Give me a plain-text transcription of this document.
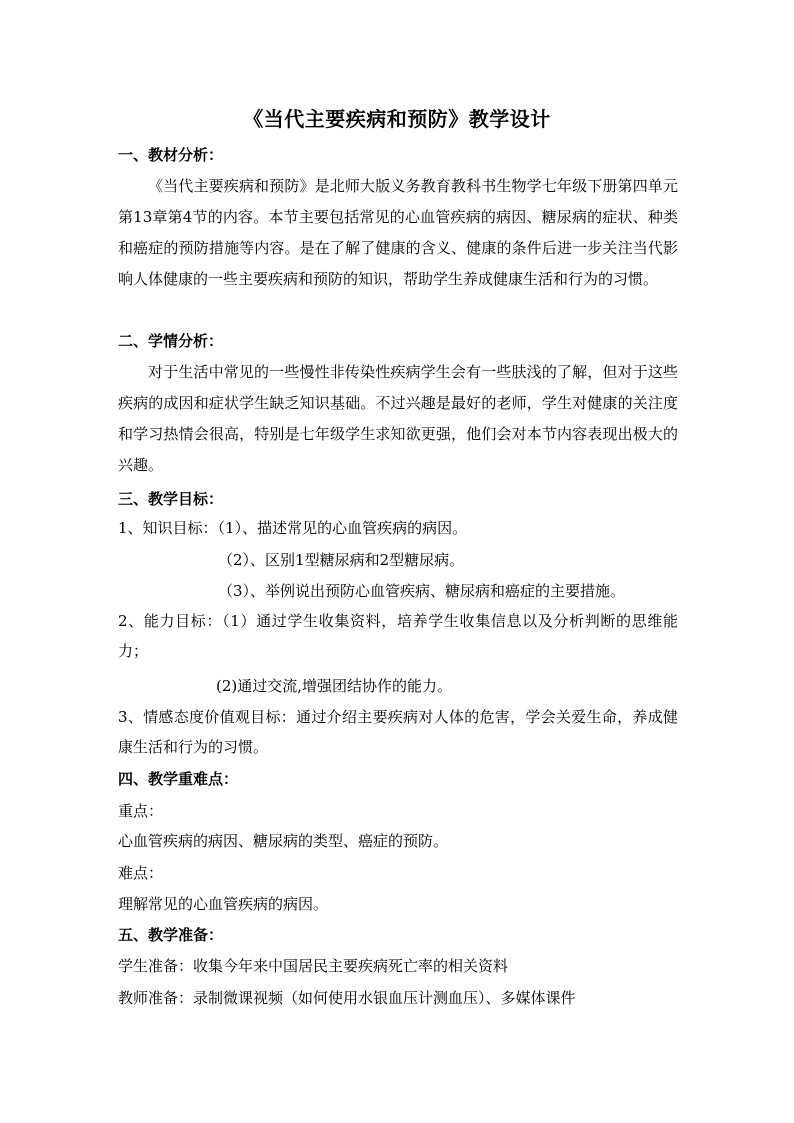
《当代主要疾病和预防》教学设计
一、教材分析：
《当代主要疾病和预防》是北师大版义务教育教科书生物学七年级下册第四单元第13章第4节的内容。本节主要包括常见的心血管疾病的病因、糖尿病的症状、种类和癌症的预防措施等内容。是在了解了健康的含义、健康的条件后进一步关注当代影响人体健康的一些主要疾病和预防的知识，帮助学生养成健康生活和行为的习惯。
二、学情分析：
对于生活中常见的一些慢性非传染性疾病学生会有一些肤浅的了解，但对于这些疾病的成因和症状学生缺乏知识基础。不过兴趣是最好的老师，学生对健康的关注度和学习热情会很高，特别是七年级学生求知欲更强，他们会对本节内容表现出极大的兴趣。
三、教学目标：
1、知识目标：（1）、描述常见的心血管疾病的病因。
（2）、区别1型糖尿病和2型糖尿病。
（3）、举例说出预防心血管疾病、糖尿病和癌症的主要措施。
2、能力目标：（1）通过学生收集资料，培养学生收集信息以及分析判断的思维能力；
(2)通过交流,增强团结协作的能力。
3、情感态度价值观目标：通过介绍主要疾病对人体的危害，学会关爱生命，养成健康生活和行为的习惯。
四、教学重难点：
重点：
心血管疾病的病因、糖尿病的类型、癌症的预防。
难点：
理解常见的心血管疾病的病因。
五、教学准备：
学生准备：收集今年来中国居民主要疾病死亡率的相关资料
教师准备：录制微课视频（如何使用水银血压计测血压）、多媒体课件
